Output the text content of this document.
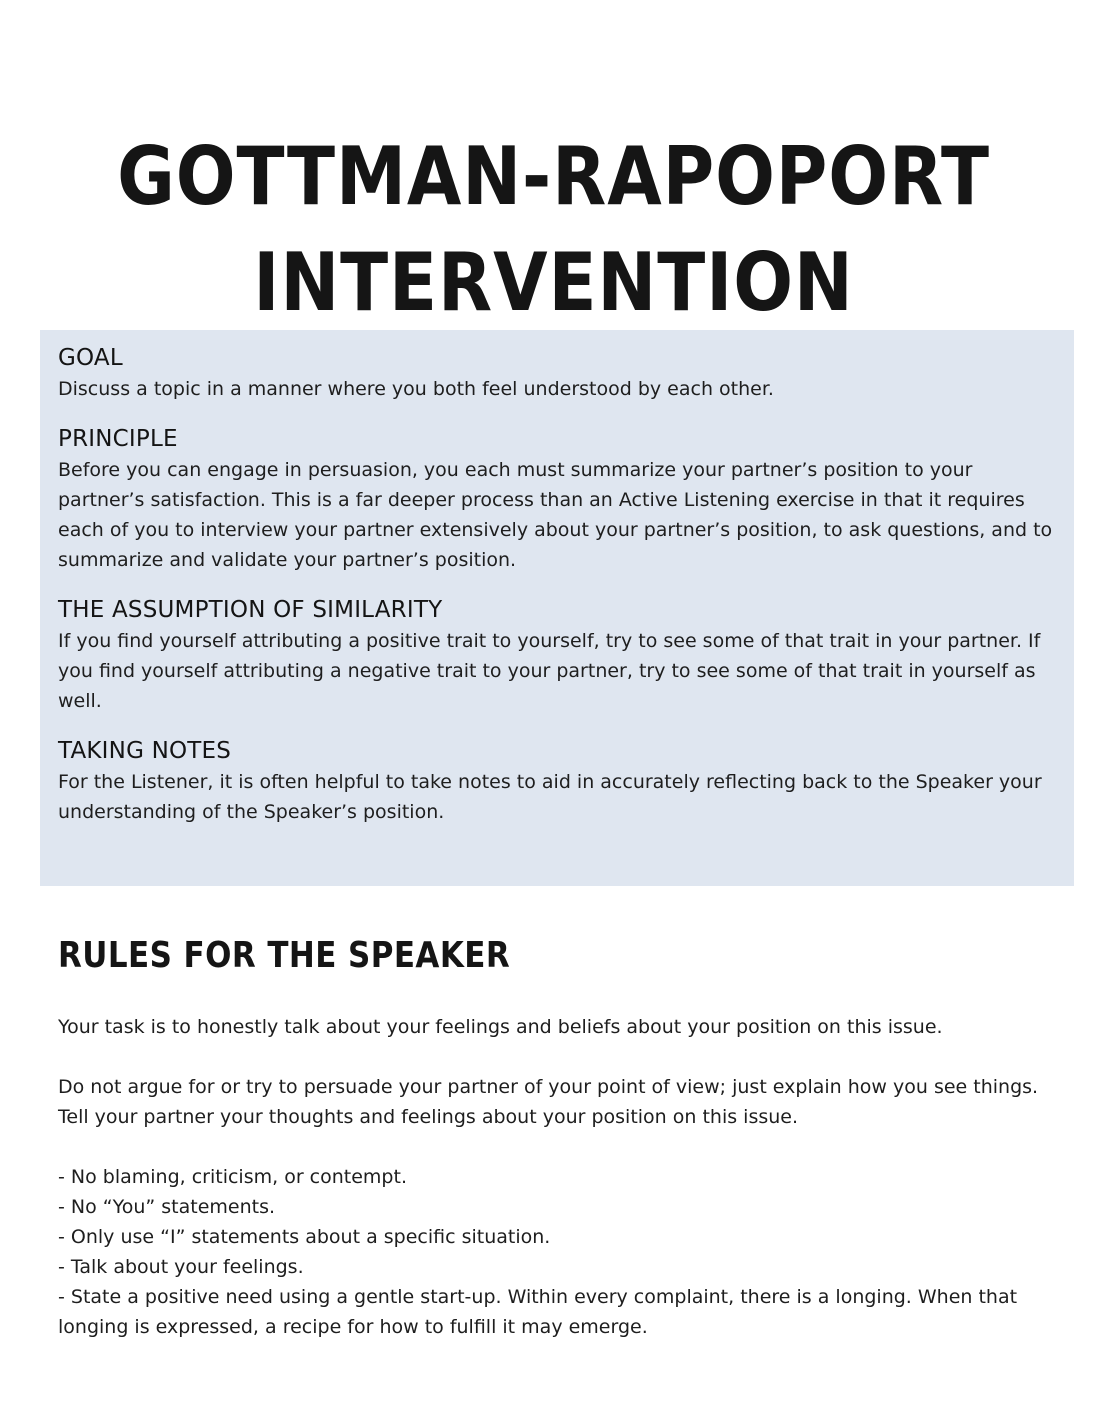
GOTTMAN-RAPOPORT
INTERVENTION
GOAL

Discuss a topic in a manner where you both feel understood by each other.

PRINCIPLE

Before you can engage in persuasion, you each must summarize your partner’s position to your partner’s satisfaction. This is a far deeper process than an Active Listening exercise in that it requires each of you to interview your partner extensively about your partner’s position, to ask questions, and to summarize and validate your partner’s position.

THE ASSUMPTION OF SIMILARITY

If you find yourself attributing a positive trait to yourself, try to see some of that trait in your partner. If you find yourself attributing a negative trait to your partner, try to see some of that trait in yourself as well.

TAKING NOTES

For the Listener, it is often helpful to take notes to aid in accurately reflecting back to the Speaker your understanding of the Speaker’s position.

RULES FOR THE SPEAKER

Your task is to honestly talk about your feelings and beliefs about your position on this issue.

Do not argue for or try to persuade your partner of your point of view; just explain how you see things. Tell your partner your thoughts and feelings about your position on this issue.

- No blaming, criticism, or contempt.
- No “You” statements.
- Only use “I” statements about a specific situation.
- Talk about your feelings.
- State a positive need using a gentle start-up. Within every complaint, there is a longing. When that longing is expressed, a recipe for how to fulfill it may emerge.
